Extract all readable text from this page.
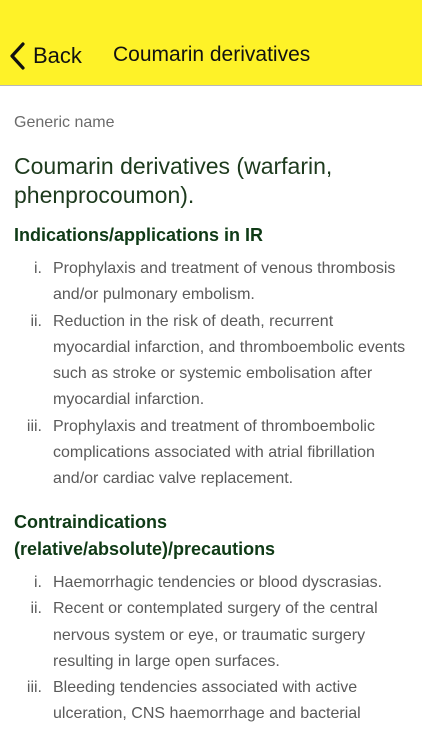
Back Coumarin derivatives
Generic name
Coumarin derivatives (warfarin, phenprocoumon).
Indications/applications in IR
i. Prophylaxis and treatment of venous thrombosis and/or pulmonary embolism.
ii. Reduction in the risk of death, recurrent myocardial infarction, and thromboembolic events such as stroke or systemic embolisation after myocardial infarction.
iii. Prophylaxis and treatment of thromboembolic complications associated with atrial fibrillation and/or cardiac valve replacement.
Contraindications (relative/absolute)/precautions
i. Haemorrhagic tendencies or blood dyscrasias.
ii. Recent or contemplated surgery of the central nervous system or eye, or traumatic surgery resulting in large open surfaces.
iii. Bleeding tendencies associated with active ulceration, CNS haemorrhage and bacterial
